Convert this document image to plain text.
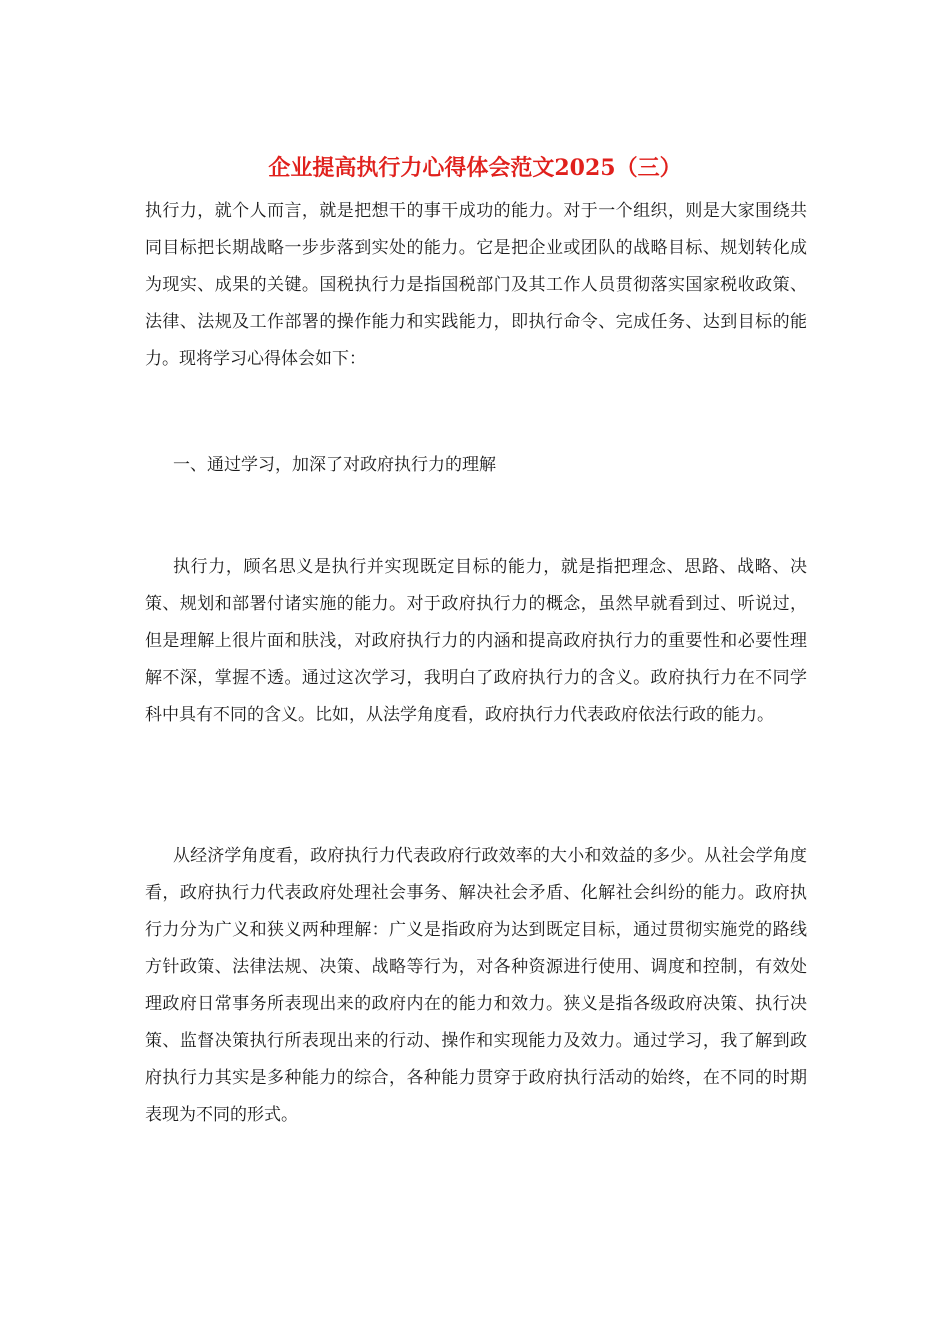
企业提高执行力心得体会范文2025（三）

执行力，就个人而言，就是把想干的事干成功的能力。对于一个组织，则是大家围绕共同目标把长期战略一步步落到实处的能力。它是把企业或团队的战略目标、规划转化成为现实、成果的关键。国税执行力是指国税部门及其工作人员贯彻落实国家税收政策、法律、法规及工作部署的操作能力和实践能力，即执行命令、完成任务、达到目标的能力。现将学习心得体会如下：

一、通过学习，加深了对政府执行力的理解

执行力，顾名思义是执行并实现既定目标的能力，就是指把理念、思路、战略、决策、规划和部署付诸实施的能力。对于政府执行力的概念，虽然早就看到过、听说过，但是理解上很片面和肤浅，对政府执行力的内涵和提高政府执行力的重要性和必要性理解不深，掌握不透。通过这次学习，我明白了政府执行力的含义。政府执行力在不同学科中具有不同的含义。比如，从法学角度看，政府执行力代表政府依法行政的能力。

从经济学角度看，政府执行力代表政府行政效率的大小和效益的多少。从社会学角度看，政府执行力代表政府处理社会事务、解决社会矛盾、化解社会纠纷的能力。政府执行力分为广义和狭义两种理解：广义是指政府为达到既定目标，通过贯彻实施党的路线方针政策、法律法规、决策、战略等行为，对各种资源进行使用、调度和控制，有效处理政府日常事务所表现出来的政府内在的能力和效力。狭义是指各级政府决策、执行决策、监督决策执行所表现出来的行动、操作和实现能力及效力。通过学习，我了解到政府执行力其实是多种能力的综合，各种能力贯穿于政府执行活动的始终，在不同的时期表现为不同的形式。
